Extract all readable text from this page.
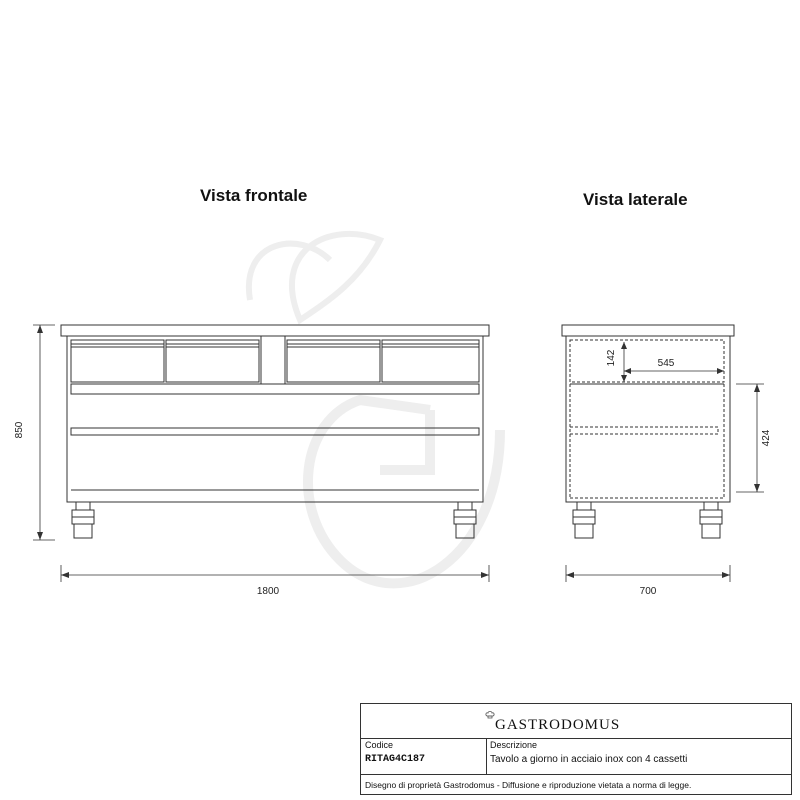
Vista frontale	Vista laterale
850
1800
142	545
424
700
GASTRODOMUS
Codice
RITAG4C187
Descrizione
Tavolo a giorno in acciaio inox con 4 cassetti
Disegno di proprietà Gastrodomus - Diffusione e riproduzione vietata a norma di legge.
